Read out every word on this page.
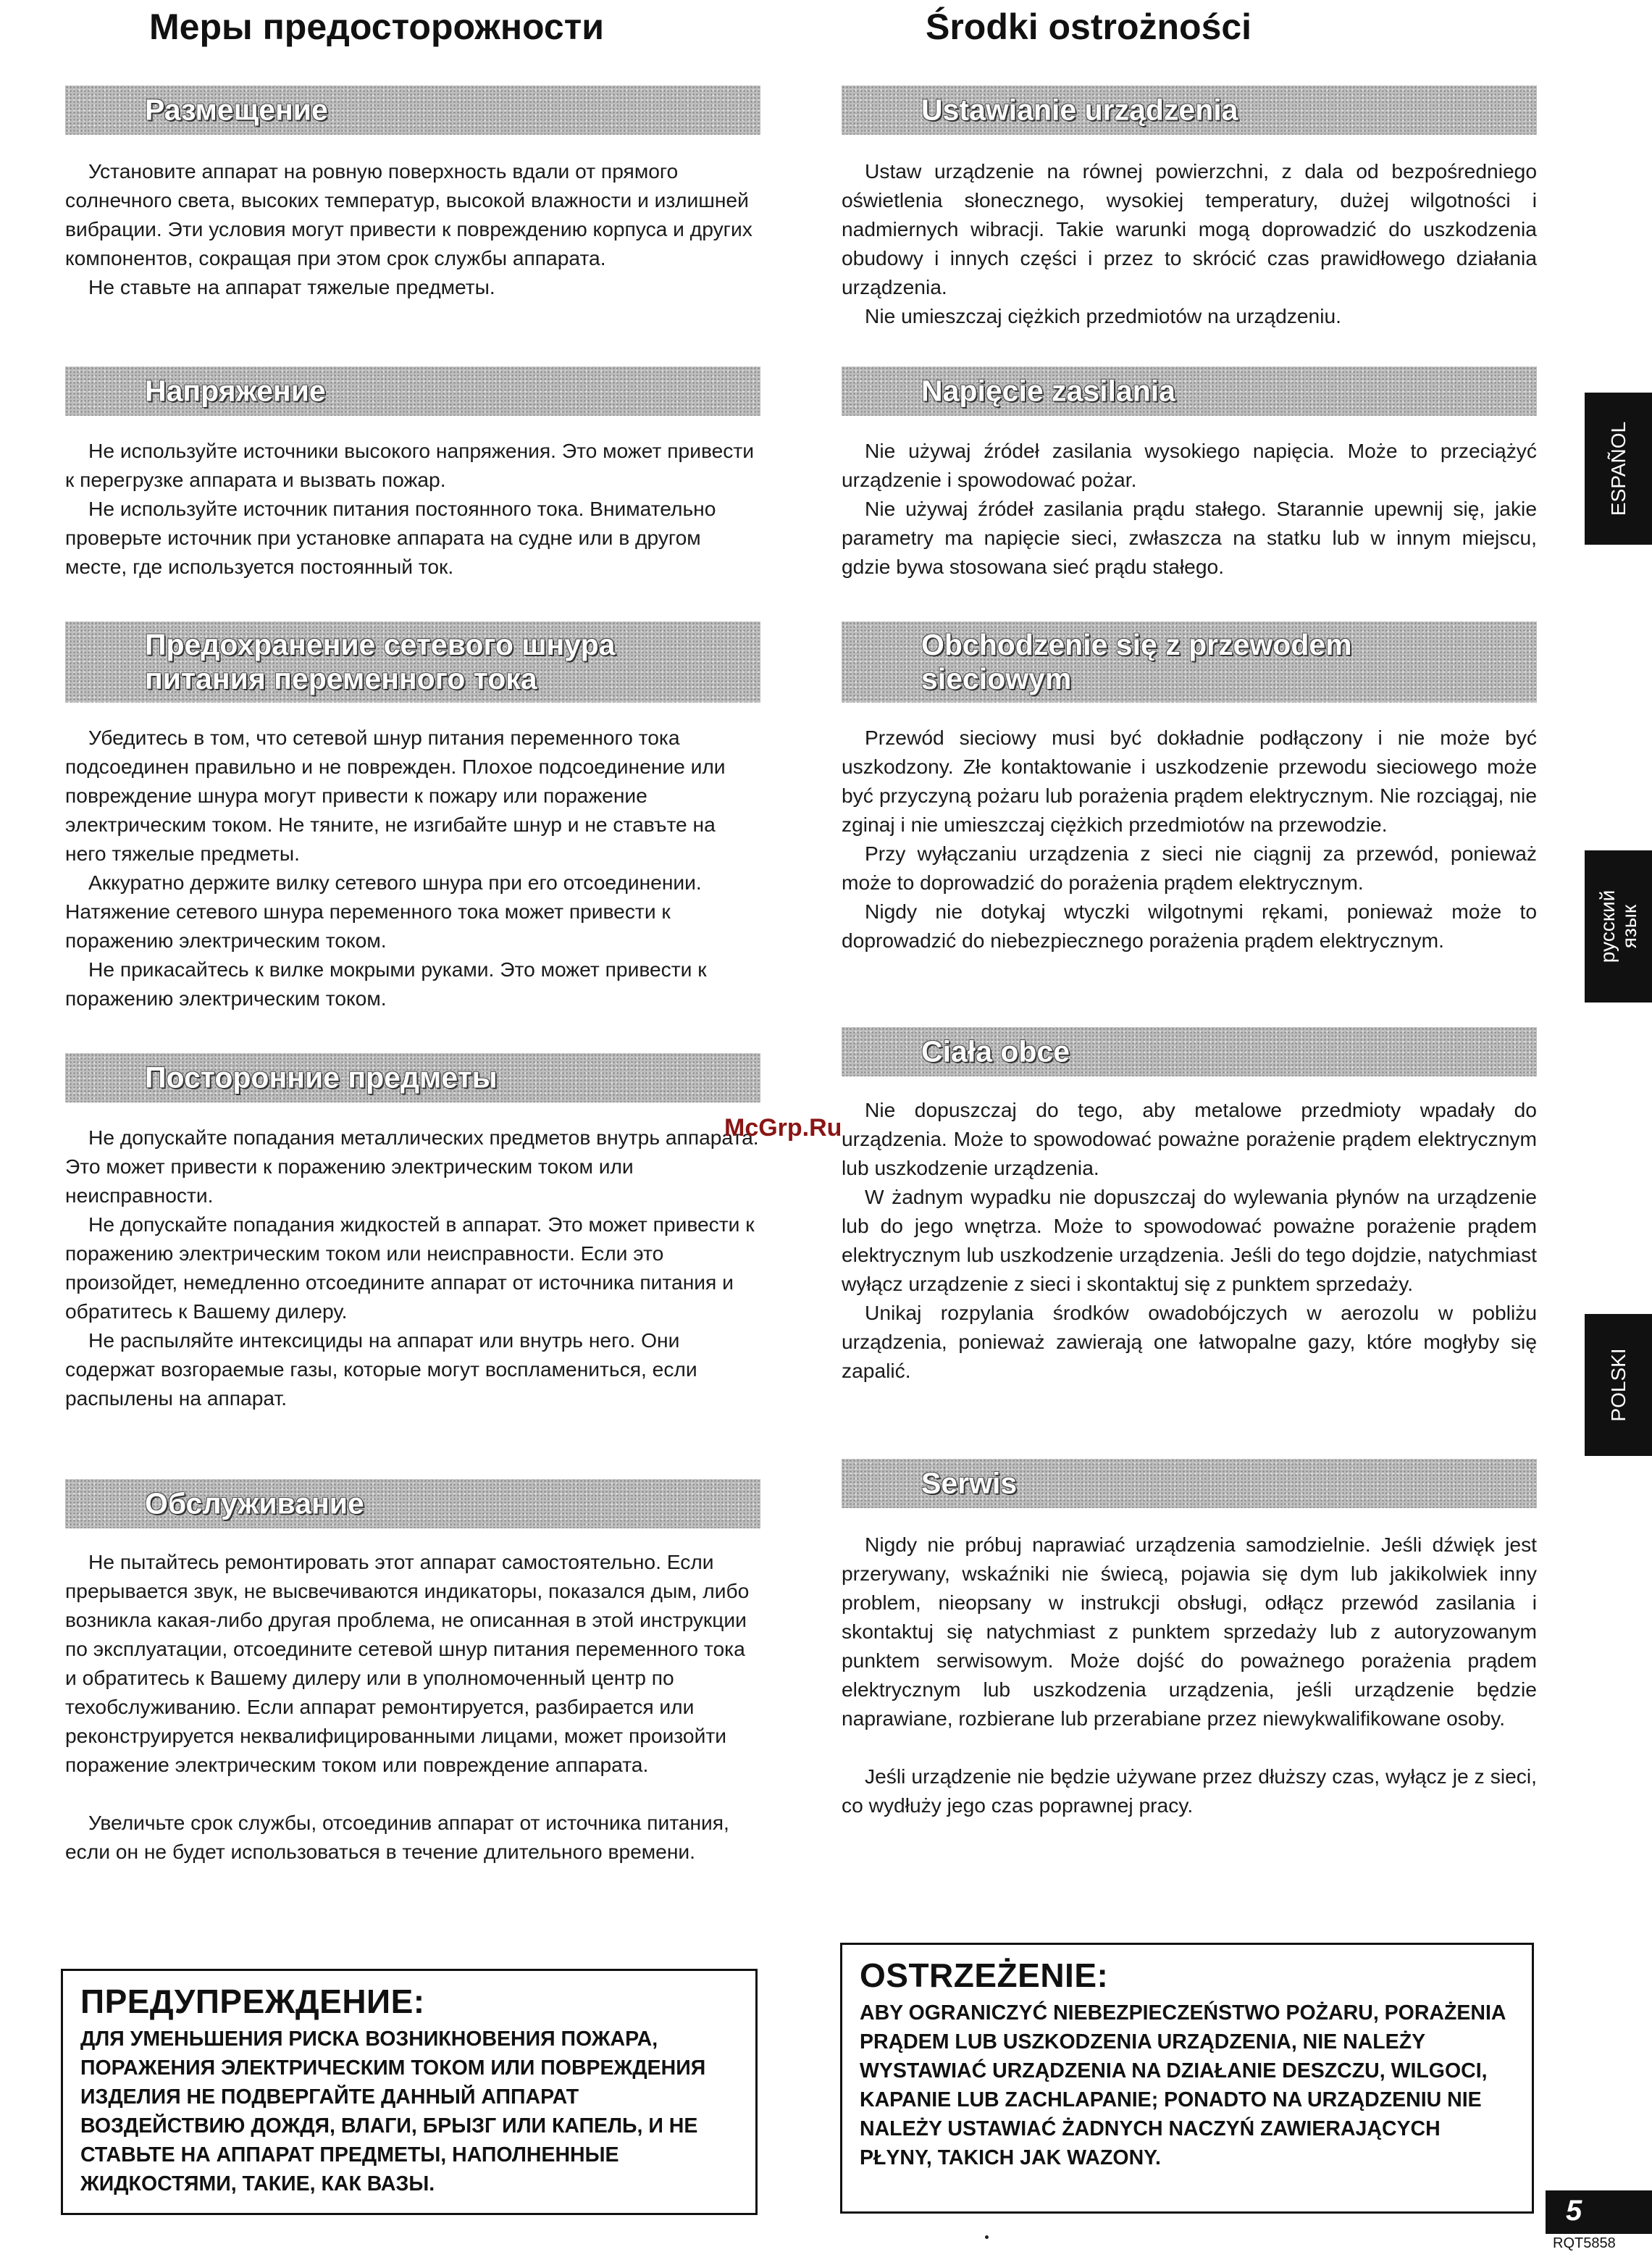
Меры предосторожности
Размещение

Установите аппарат на ровную поверхность вдали от прямого солнечного света, высоких температур, высокой влажности и излишней вибрации. Эти условия могут привести к повреждению корпуса и других компонентов, сокращая при этом срок службы аппарата.

Не ставьте на аппарат тяжелые предметы.

Напряжение

Не используйте источники высокого напряжения. Это может привести к перегрузке аппарата и вызвать пожар.

Не используйте источник питания постоянного тока. Внимательно проверьте источник при установке аппарата на судне или в другом месте, где используется постоянный ток.

Предохранение сетевого шнура питания переменного тока

Убедитесь в том, что сетевой шнур питания переменного тока подсоединен правильно и не поврежден. Плохое подсоединение или повреждение шнура могут привести к пожару или поражение электрическим током. Не тяните, не изгибайте шнур и не ставъте на него тяжелые предметы.

Аккуратно держите вилку сетевого шнура при его отсоединении. Натяжение сетевого шнура переменного тока может привести к поражению электрическим током.

Не прикасайтесь к вилке мокрыми руками. Это может привести к поражению электрическим током.

Посторонние предметы

Не допускайте попадания металлических предметов внутрь аппарата. Это может привести к поражению электрическим током или неисправности.

Не допускайте попадания жидкостей в аппарат. Это может привести к поражению электрическим током или неисправности. Если это произойдет, немедленно отсоедините аппарат от источника питания и обратитесь к Вашему дилеру.

Не распыляйте интексициды на аппарат или внутрь него. Они содержат возгораемые газы, которые могут воспламениться, если распылены на аппарат.

Обслуживание

Не пытайтесь ремонтировать этот аппарат самостоятельно. Если прерывается звук, не высвечиваются индикаторы, показался дым, либо возникла какая-либо другая проблема, не описанная в этой инструкции по эксплуатации, отсоедините сетевой шнур питания переменного тока и обратитесь к Вашему дилеру или в уполномоченный центр по техобслуживанию. Если аппарат ремонтируется, разбирается или реконструируется неквалифицированными лицами, может произойти поражение электрическим током или повреждение аппарата.

Увеличьте срок службы, отсоединив аппарат от источника питания, если он не будет использоваться в течение длительного времени.

ПРЕДУПРЕЖДЕНИЕ:
ДЛЯ УМЕНЬШЕНИЯ РИСКА ВОЗНИКНОВЕНИЯ ПОЖАРА, ПОРАЖЕНИЯ ЭЛЕКТРИЧЕСКИМ ТОКОМ ИЛИ ПОВРЕЖДЕНИЯ ИЗДЕЛИЯ НЕ ПОДВЕРГАЙТЕ ДАННЫЙ АППАРАТ ВОЗДЕЙСТВИЮ ДОЖДЯ, ВЛАГИ, БРЫЗГ ИЛИ КАПЕЛЬ, И НЕ СТАВЬТЕ НА АППАРАТ ПРЕДМЕТЫ, НАПОЛНЕННЫЕ ЖИДКОСТЯМИ, ТАКИЕ, КАК ВАЗЫ.
Środki ostrożności
Ustawianie urządzenia

Ustaw urządzenie na równej powierzchni, z dala od bezpośredniego oświetlenia słonecznego, wysokiej temperatury, dużej wilgotności i nadmiernych wibracji. Takie warunki mogą doprowadzić do uszkodzenia obudowy i innych części i przez to skrócić czas prawidłowego działania urządzenia.

Nie umieszczaj ciężkich przedmiotów na urządzeniu.

Napięcie zasilania

Nie używaj źródeł zasilania wysokiego napięcia. Może to przeciążyć urządzenie i spowodować pożar.

Nie używaj źródeł zasilania prądu stałego. Starannie upewnij się, jakie parametry ma napięcie sieci, zwłaszcza na statku lub w innym miejscu, gdzie bywa stosowana sieć prądu stałego.

Obchodzenie się z przewodem sieciowym

Przewód sieciowy musi być dokładnie podłączony i nie może być uszkodzony. Złe kontaktowanie i uszkodzenie przewodu sieciowego może być przyczyną pożaru lub porażenia prądem elektrycznym. Nie rozciągaj, nie zginaj i nie umieszczaj ciężkich przedmiotów na przewodzie.

Przy wyłączaniu urządzenia z sieci nie ciągnij za przewód, ponieważ może to doprowadzić do porażenia prądem elektrycznym.

Nigdy nie dotykaj wtyczki wilgotnymi rękami, ponieważ może to doprowadzić do niebezpiecznego porażenia prądem elektrycznym.

Ciała obce

Nie dopuszczaj do tego, aby metalowe przedmioty wpadały do urządzenia. Może to spowodować poważne porażenie prądem elektrycznym lub uszkodzenie urządzenia.

W żadnym wypadku nie dopuszczaj do wylewania płynów na urządzenie lub do jego wnętrza. Może to spowodować poważne porażenie prądem elektrycznym lub uszkodzenie urządzenia. Jeśli do tego dojdzie, natychmiast wyłącz urządzenie z sieci i skontaktuj się z punktem sprzedaży.

Unikaj rozpylania środków owadobójczych w aerozolu w pobliżu urządzenia, ponieważ zawierają one łatwopalne gazy, które mogłyby się zapalić.

Serwis

Nigdy nie próbuj naprawiać urządzenia samodzielnie. Jeśli dźwięk jest przerywany, wskaźniki nie świecą, pojawia się dym lub jakikolwiek inny problem, nieopsany w instrukcji obsługi, odłącz przewód zasilania i skontaktuj się natychmiast z punktem sprzedaży lub z autoryzowanym punktem serwisowym. Może dojść do poważnego porażenia prądem elektrycznym lub uszkodzenia urządzenia, jeśli urządzenie będzie naprawiane, rozbierane lub przerabiane przez niewykwalifikowane osoby.

Jeśli urządzenie nie będzie używane przez dłuższy czas, wyłącz je z sieci, co wydłuży jego czas poprawnej pracy.

OSTRZEŻENIE:
ABY OGRANICZYĆ NIEBEZPIECZEŃSTWO POŻARU, PORAŻENIA PRĄDEM LUB USZKODZENIA URZĄDZENIA, NIE NALEŻY WYSTAWIAĆ URZĄDZENIA NA DZIAŁANIE DESZCZU, WILGOCI, KAPANIE LUB ZACHLAPANIE; PONADTO NA URZĄDZENIU NIE NALEŻY USTAWIAĆ ŻADNYCH NACZYŃ ZAWIERAJĄCYCH PŁYNY, TAKICH JAK WAZONY.
ESPAÑOL
русский язык
POLSKI
McGrp.Ru
5
RQT5858
